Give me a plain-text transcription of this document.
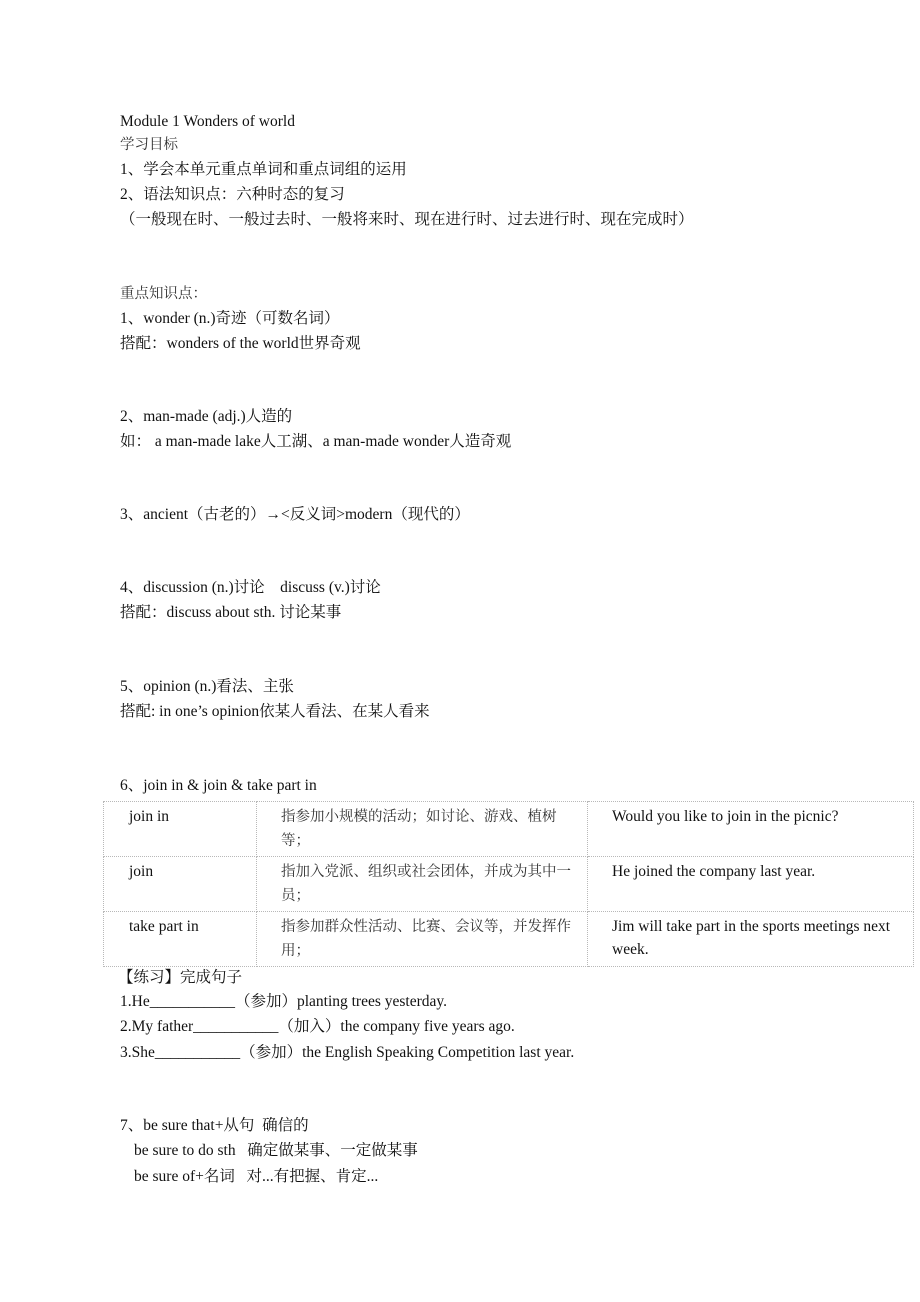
Module 1 Wonders of world
学习目标
1、学会本单元重点单词和重点词组的运用
2、语法知识点：六种时态的复习
（一般现在时、一般过去时、一般将来时、现在进行时、过去进行时、现在完成时）
重点知识点：
1、wonder (n.)奇迹（可数名词）
搭配：wonders of the world世界奇观
2、man-made (adj.)人造的
如： a man-made lake人工湖、a man-made wonder人造奇观
3、ancient（古老的）→<反义词>modern（现代的）
4、discussion (n.)讨论    discuss (v.)讨论
搭配：discuss about sth. 讨论某事
5、opinion (n.)看法、主张
搭配: in one’s opinion依某人看法、在某人看来
6、join in & join & take part in
join in	指参加小规模的活动；如讨论、游戏、植树等；	Would you like to join in the picnic?
join	指加入党派、组织或社会团体，并成为其中一员；	He joined the company last year.
take part in	指参加群众性活动、比赛、会议等，并发挥作用；	Jim will take part in the sports meetings next week.
【练习】完成句子
1.He___________（参加）planting trees yesterday.
2.My father___________（加入）the company five years ago.
3.She___________（参加）the English Speaking Competition last year.
7、be sure that+从句  确信的
be sure to do sth   确定做某事、一定做某事
be sure of+名词   对...有把握、肯定...
